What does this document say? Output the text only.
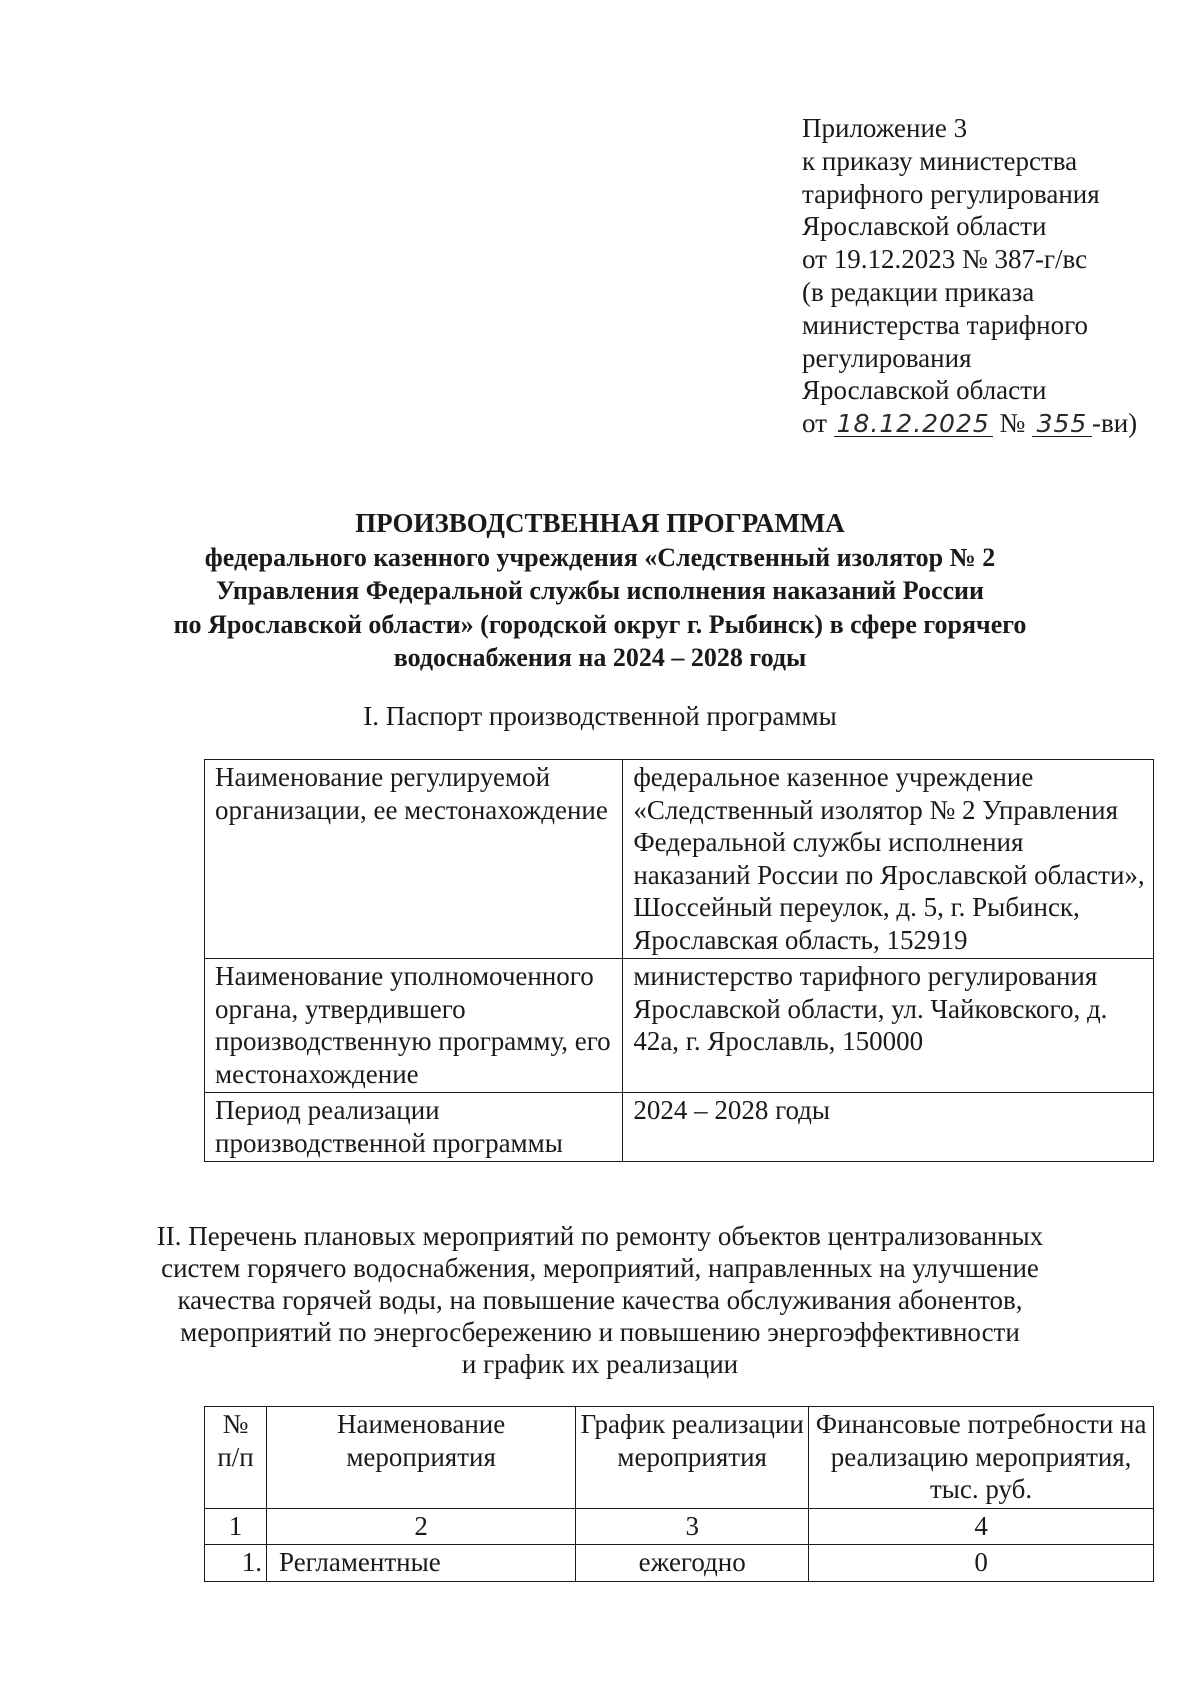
Приложение 3
к приказу министерства
тарифного регулирования
Ярославской области
от 19.12.2023 № 387-г/вс
(в редакции приказа
министерства тарифного
регулирования
Ярославской области
от 18.12.2025 № 355 -ви)
ПРОИЗВОДСТВЕННАЯ ПРОГРАММА
федерального казенного учреждения «Следственный изолятор № 2
Управления Федеральной службы исполнения наказаний России
по Ярославской области» (городской округ г. Рыбинск) в сфере горячего
водоснабжения на 2024 – 2028 годы
I. Паспорт производственной программы
Наименование регулируемой организации, ее местонахождение	федеральное казенное учреждение «Следственный изолятор № 2 Управления Федеральной службы исполнения наказаний России по Ярославской области», Шоссейный переулок, д. 5, г. Рыбинск, Ярославская область, 152919
Наименование уполномоченного органа, утвердившего производственную программу, его местонахождение	министерство тарифного регулирования Ярославской области, ул. Чайковского, д. 42а, г. Ярославль, 150000
Период реализации производственной программы	2024 – 2028 годы
II. Перечень плановых мероприятий по ремонту объектов централизованных
систем горячего водоснабжения, мероприятий, направленных на улучшение
качества горячей воды, на повышение качества обслуживания абонентов,
мероприятий по энергосбережению и повышению энергоэффективности
и график их реализации
№ п/п	Наименование мероприятия	График реализации мероприятия	Финансовые потребности на реализацию мероприятия, тыс. руб.
1	2	3	4
1.	Регламентные	ежегодно	0
